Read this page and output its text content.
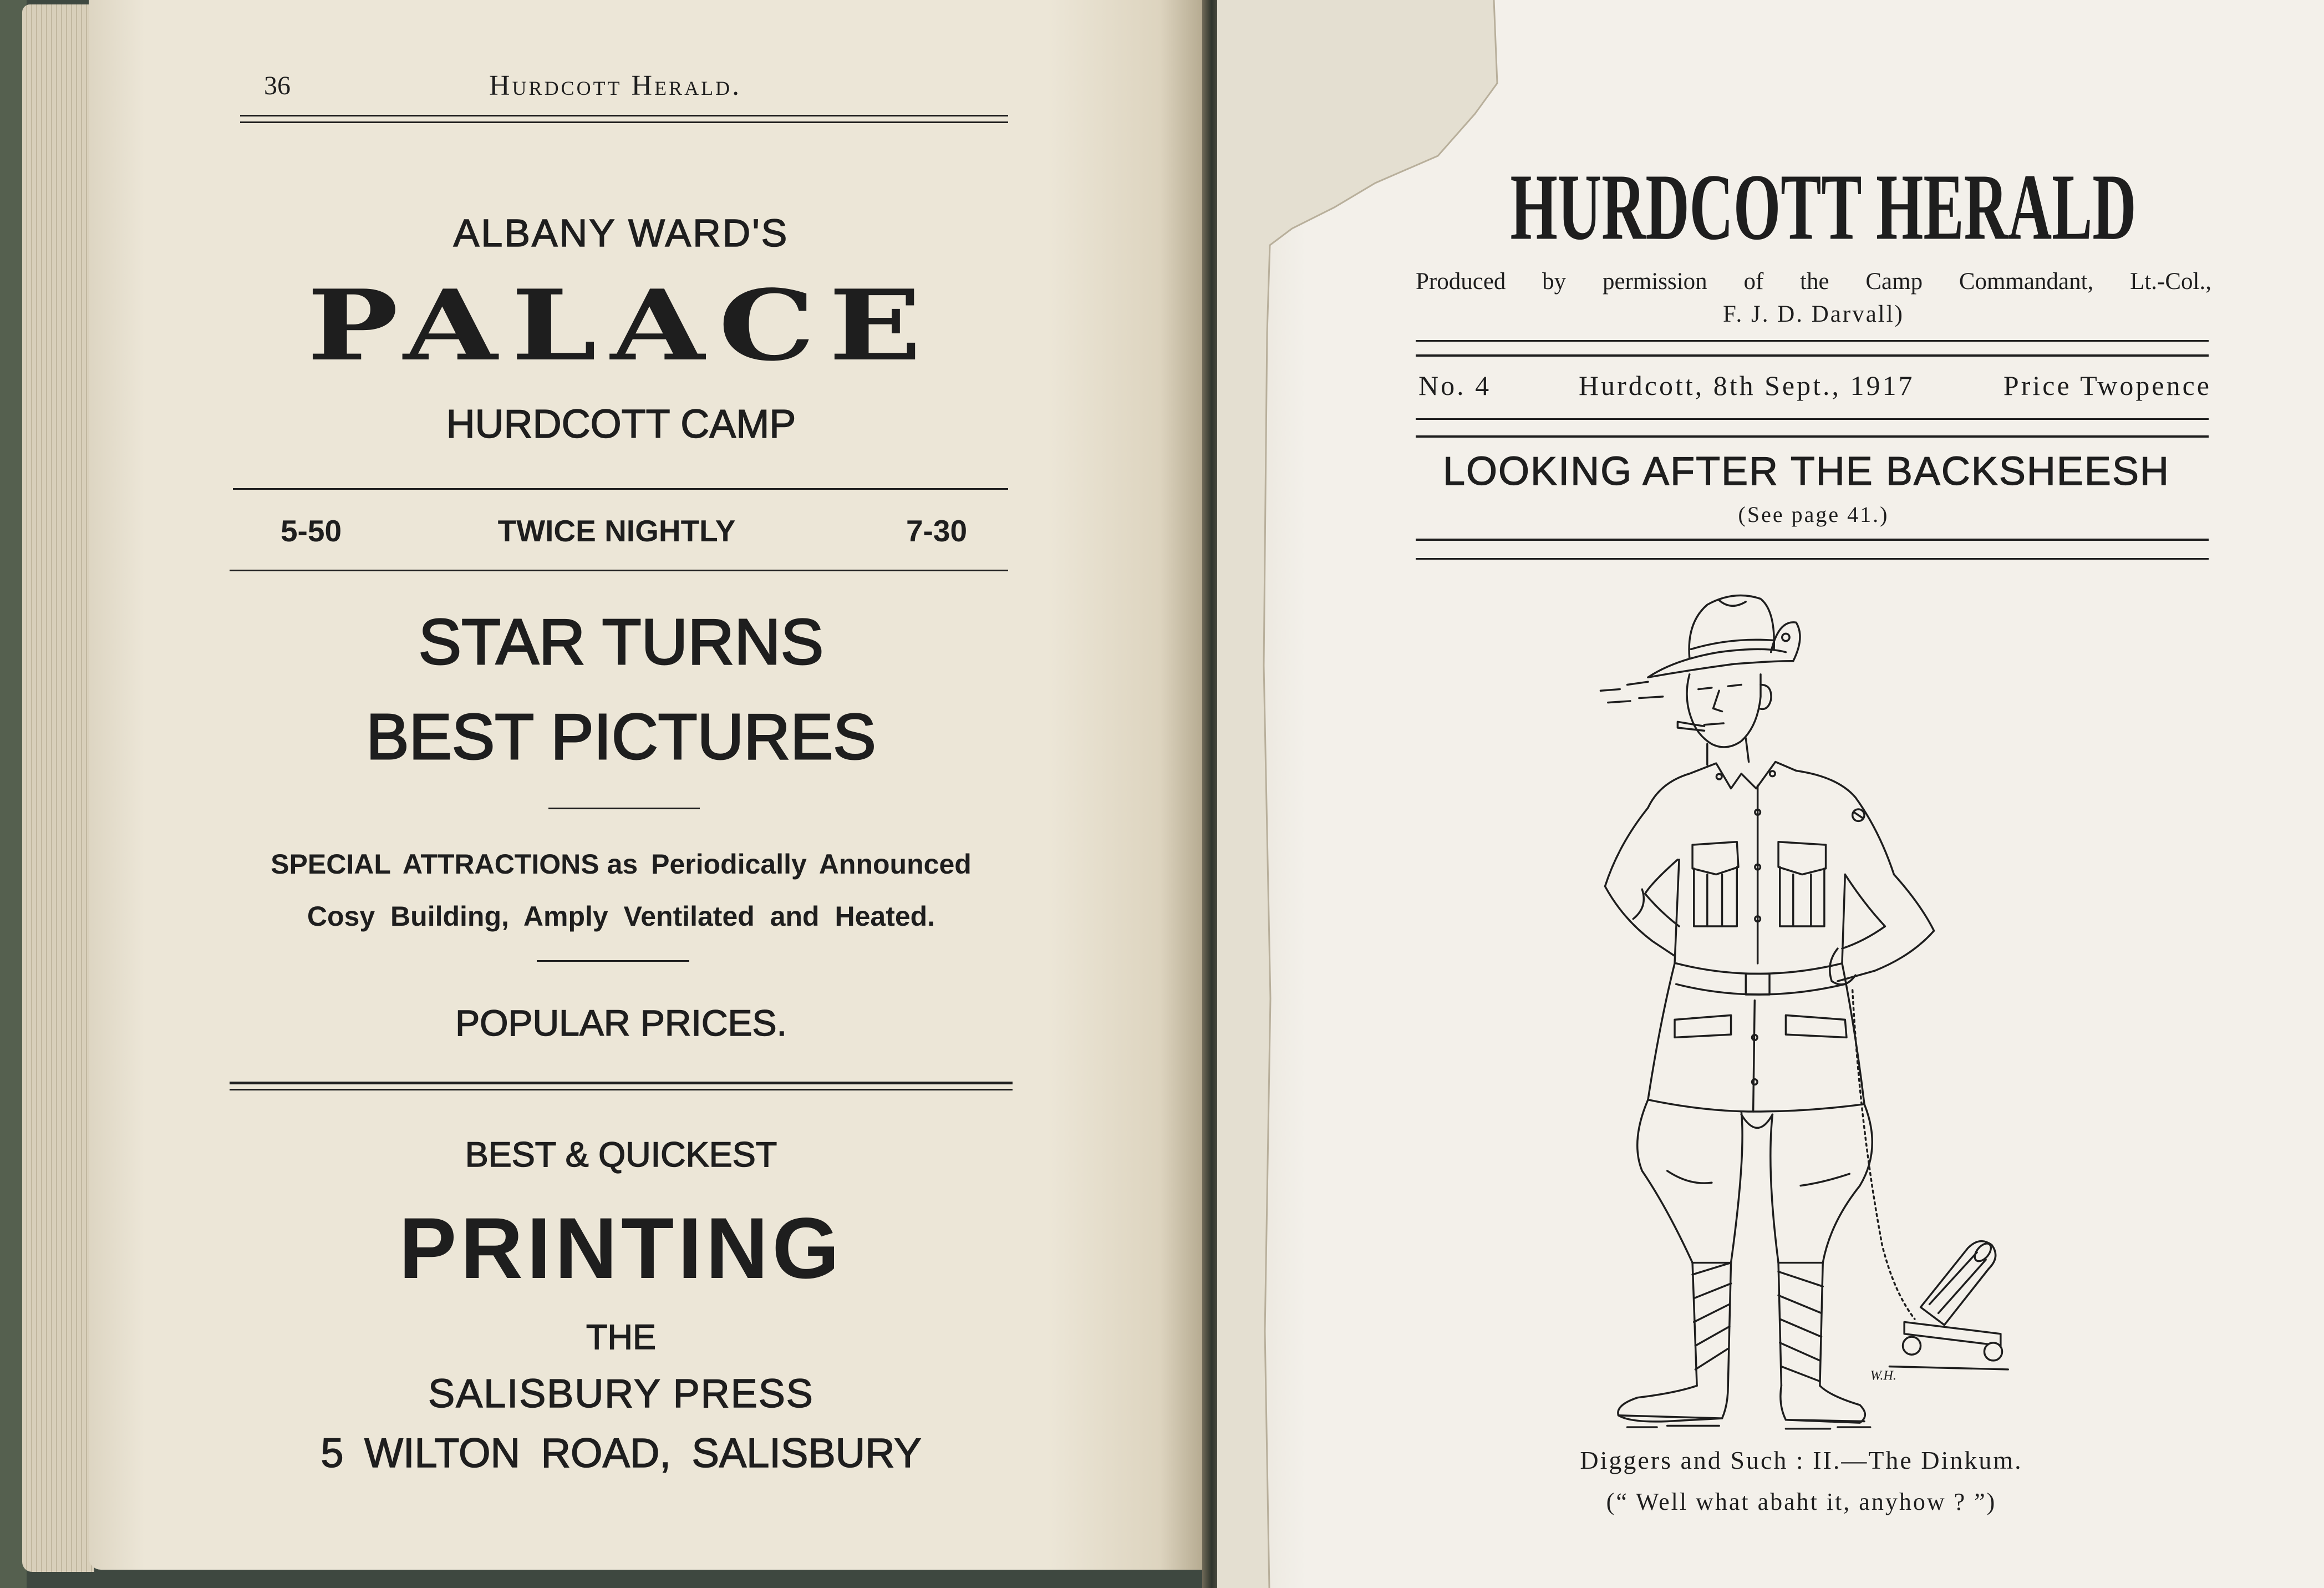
36	Hurdcott Herald.
ALBANY WARD'S
PALACE
HURDCOTT CAMP
5-50	TWICE NIGHTLY	7-30
STAR TURNS
BEST PICTURES
SPECIAL ATTRACTIONS as Periodically Announced
Cosy Building, Amply Ventilated and Heated.
POPULAR PRICES.
BEST & QUICKEST
PRINTING
THE
SALISBURY PRESS
5 WILTON ROAD, SALISBURY
HURDCOTT HERALD
Produced by permission of the Camp Commandant, Lt.-Col.,
F. J. D. Darvall)
No. 4	Hurdcott, 8th Sept., 1917	Price Twopence
LOOKING AFTER THE BACKSHEESH
(See page 41.)
Diggers and Such : II.—The Dinkum.
(“ Well what abaht it, anyhow ? ”)
W.H.
